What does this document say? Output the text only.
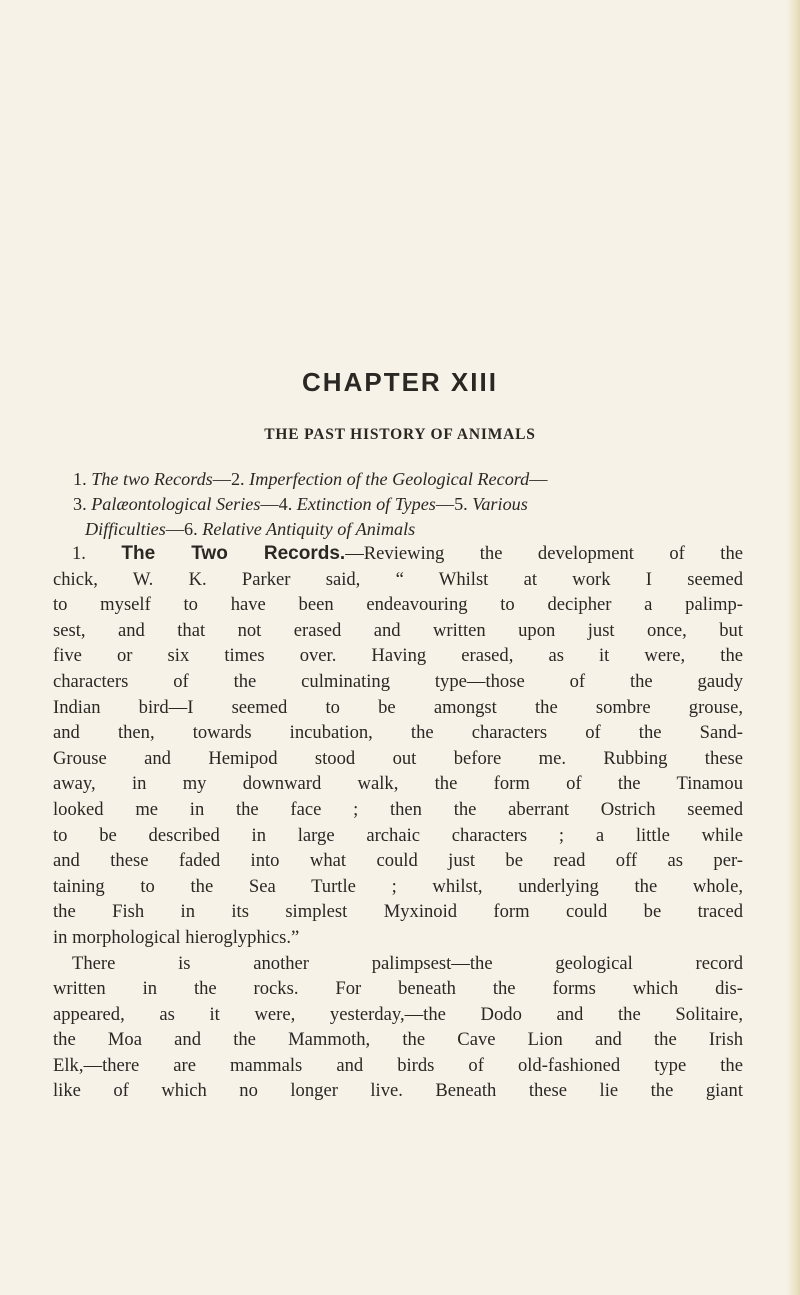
CHAPTER XIII
THE PAST HISTORY OF ANIMALS

1. The two Records—2. Imperfection of the Geological Record—
3. Palæontological Series—4. Extinction of Types—5. Various
Difficulties—6. Relative Antiquity of Animals

1. The Two Records.—Reviewing the development of the
chick, W. K. Parker said, “ Whilst at work I seemed
to myself to have been endeavouring to decipher a palimp-
sest, and that not erased and written upon just once, but
five or six times over. Having erased, as it were, the
characters of the culminating type—those of the gaudy
Indian bird—I seemed to be amongst the sombre grouse,
and then, towards incubation, the characters of the Sand-
Grouse and Hemipod stood out before me. Rubbing these
away, in my downward walk, the form of the Tinamou
looked me in the face ; then the aberrant Ostrich seemed
to be described in large archaic characters ; a little while
and these faded into what could just be read off as per-
taining to the Sea Turtle ; whilst, underlying the whole,
the Fish in its simplest Myxinoid form could be traced
in morphological hieroglyphics.”
There is another palimpsest—the geological record
written in the rocks. For beneath the forms which dis-
appeared, as it were, yesterday,—the Dodo and the Solitaire,
the Moa and the Mammoth, the Cave Lion and the Irish
Elk,—there are mammals and birds of old-fashioned type the
like of which no longer live. Beneath these lie the giant
